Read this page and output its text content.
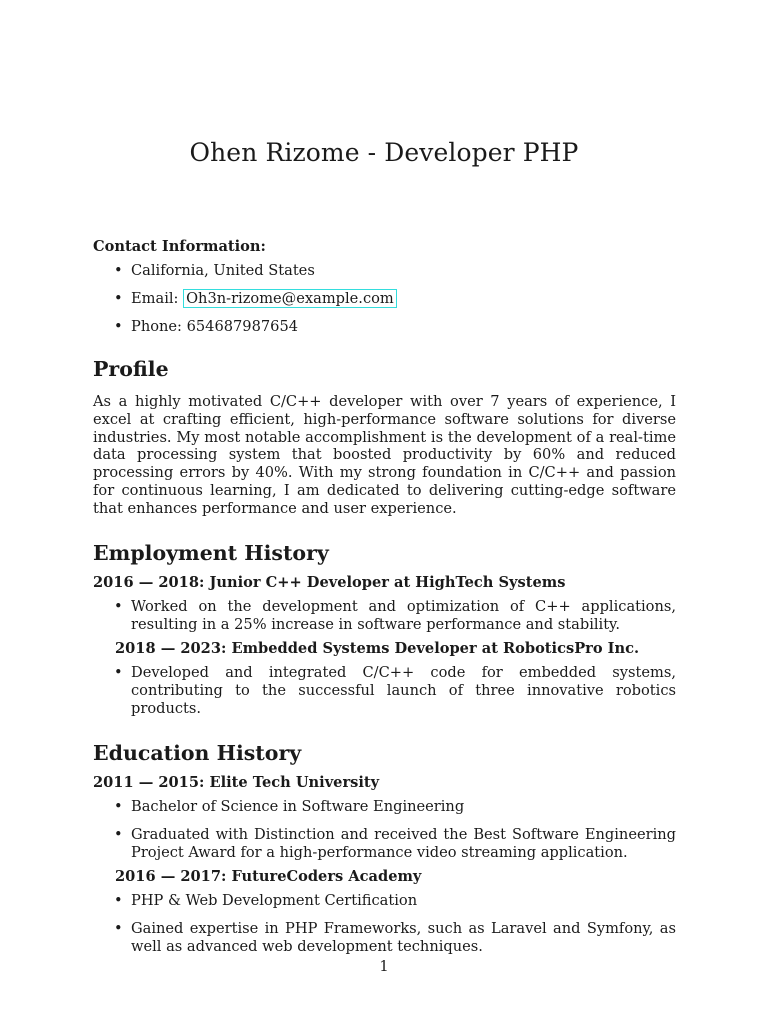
Ohen Rizome - Developer PHP

Contact Information:

• California, United States
• Email: Oh3n-rizome@example.com
• Phone: 654687987654
Profile

As a highly motivated C/C++ developer with over 7 years of experience, I excel at crafting efficient, high-performance software solutions for diverse industries. My most notable accomplishment is the development of a real-time data processing system that boosted productivity by 60% and reduced processing errors by 40%. With my strong foundation in C/C++ and passion for continuous learning, I am dedicated to delivering cutting-edge software that enhances performance and user experience.

Employment History

2016 — 2018: Junior C++ Developer at HighTech Systems

• Worked on the development and optimization of C++ applications, resulting in a 25% increase in software performance and stability.

2018 — 2023: Embedded Systems Developer at RoboticsPro Inc.

• Developed and integrated C/C++ code for embedded systems, contributing to the successful launch of three innovative robotics products.
Education History

2011 — 2015: Elite Tech University

• Bachelor of Science in Software Engineering
• Graduated with Distinction and received the Best Software Engineering Project Award for a high-performance video streaming application.

2016 — 2017: FutureCoders Academy

• PHP & Web Development Certification
• Gained expertise in PHP Frameworks, such as Laravel and Symfony, as well as advanced web development techniques.
1
